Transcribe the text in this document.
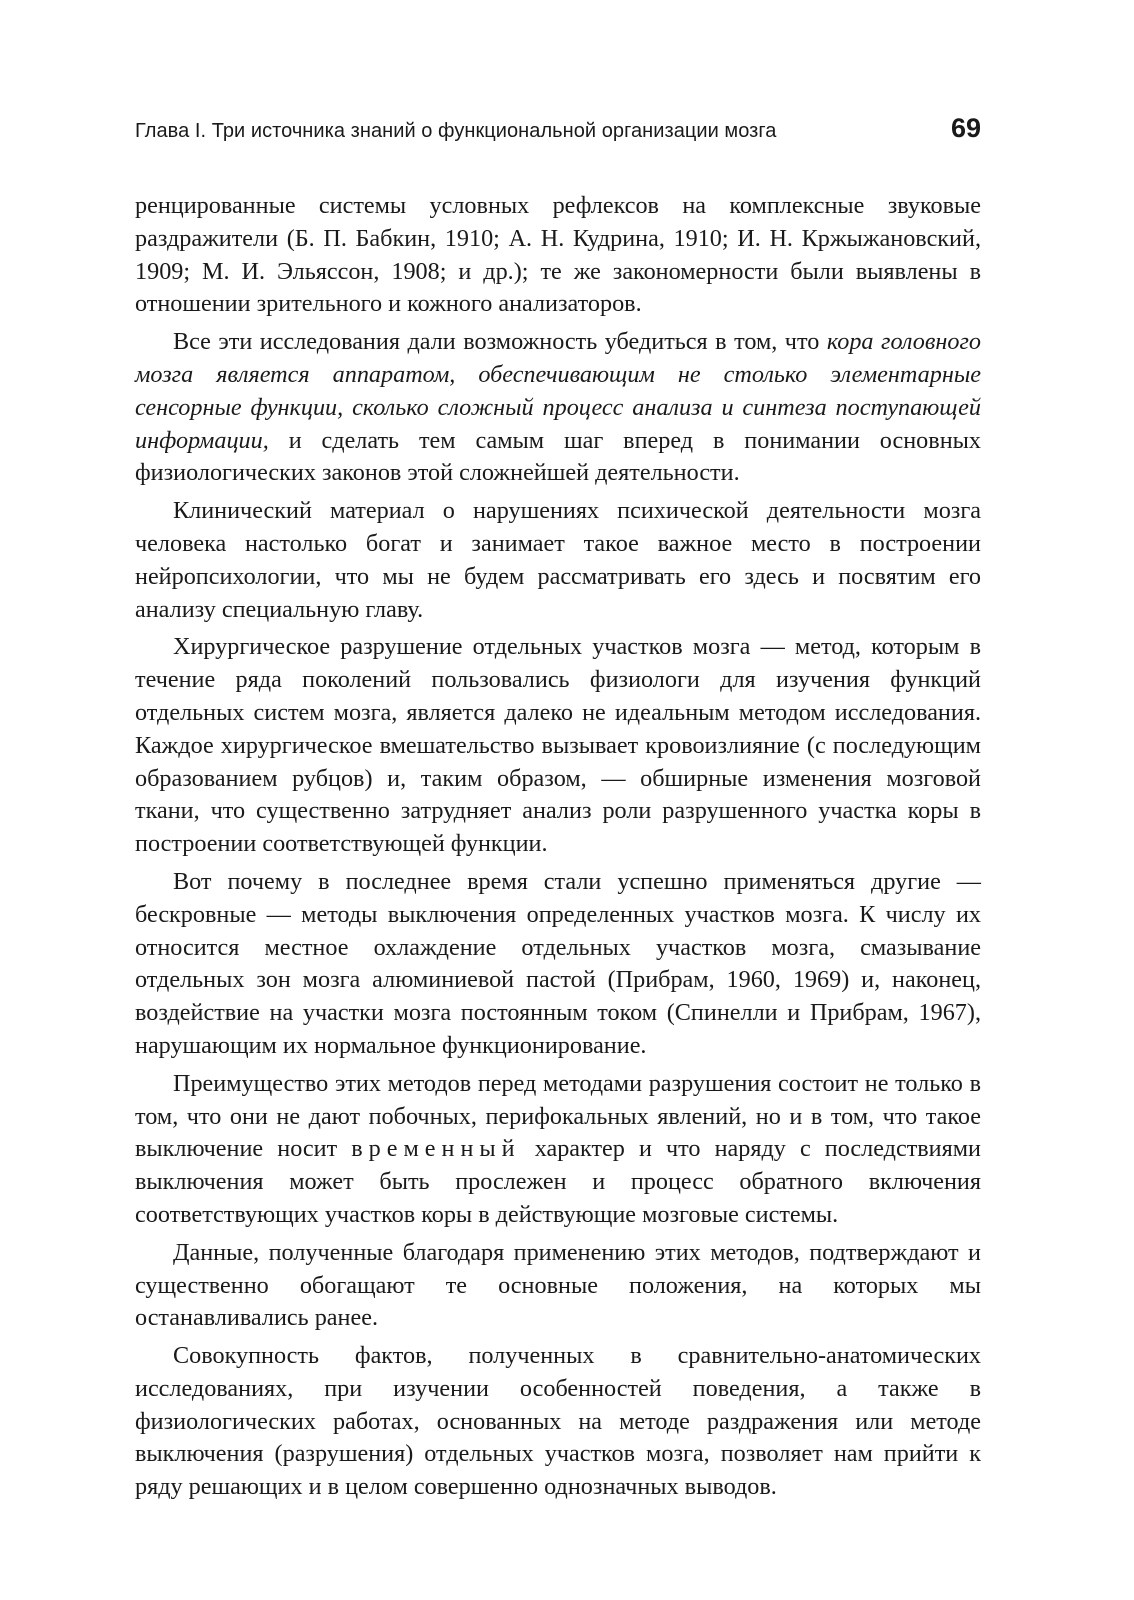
Глава I. Три источника знаний о функциональной организации мозга	69

ренцированные системы условных рефлексов на комплексные звуковые раздражители (Б. П. Бабкин, 1910; А. Н. Кудрина, 1910; И. Н. Кржыжановский, 1909; М. И. Эльяссон, 1908; и др.); те же закономерности были выявлены в отношении зрительного и кожного анализаторов.

Все эти исследования дали возможность убедиться в том, что кора головного мозга является аппаратом, обеспечивающим не столько элементарные сенсорные функции, сколько сложный процесс анализа и синтеза поступающей информации, и сделать тем самым шаг вперед в понимании основных физиологических законов этой сложнейшей деятельности.

Клинический материал о нарушениях психической деятельности мозга человека настолько богат и занимает такое важное место в построении нейропсихологии, что мы не будем рассматривать его здесь и посвятим его анализу специальную главу.

Хирургическое разрушение отдельных участков мозга — метод, которым в течение ряда поколений пользовались физиологи для изучения функций отдельных систем мозга, является далеко не идеальным методом исследования. Каждое хирургическое вмешательство вызывает кровоизлияние (с последующим образованием рубцов) и, таким образом, — обширные изменения мозговой ткани, что существенно затрудняет анализ роли разрушенного участка коры в построении соответствующей функции.

Вот почему в последнее время стали успешно применяться другие — бескровные — методы выключения определенных участков мозга. К числу их относится местное охлаждение отдельных участков мозга, смазывание отдельных зон мозга алюминиевой пастой (Прибрам, 1960, 1969) и, наконец, воздействие на участки мозга постоянным током (Спинелли и Прибрам, 1967), нарушающим их нормальное функционирование.

Преимущество этих методов перед методами разрушения состоит не только в том, что они не дают побочных, перифокальных явлений, но и в том, что такое выключение носит временный характер и что наряду с последствиями выключения может быть прослежен и процесс обратного включения соответствующих участков коры в действующие мозговые системы.

Данные, полученные благодаря применению этих методов, подтверждают и существенно обогащают те основные положения, на которых мы останавливались ранее.

Совокупность фактов, полученных в сравнительно-анатомических исследованиях, при изучении особенностей поведения, а также в физиологических работах, основанных на методе раздражения или методе выключения (разрушения) отдельных участков мозга, позволяет нам прийти к ряду решающих и в целом совершенно однозначных выводов.
